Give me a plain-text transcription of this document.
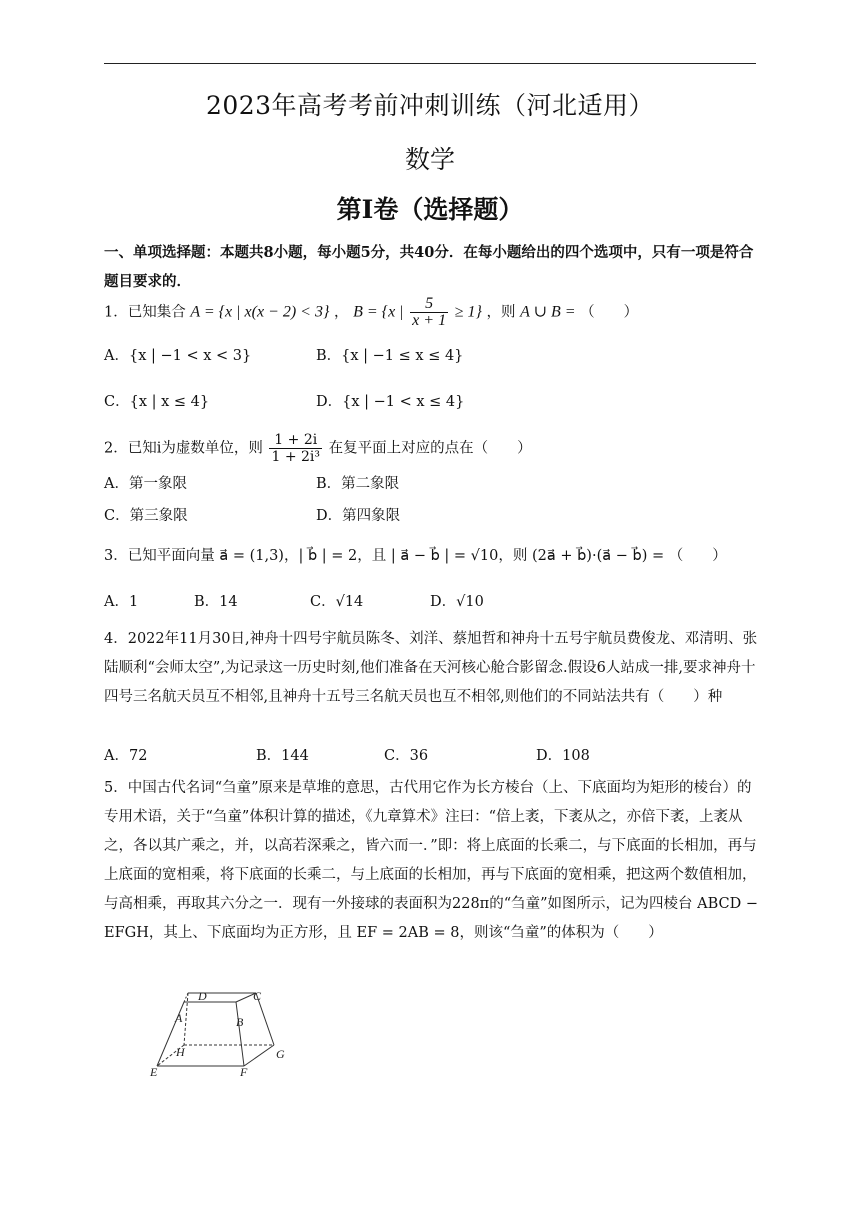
2023年高考考前冲刺训练（河北适用）
数学
第Ⅰ卷（选择题）
一、单项选择题：本题共8小题，每小题5分，共40分．在每小题给出的四个选项中，只有一项是符合题目要求的．
1．已知集合 A = {x | x(x − 2) < 3} ， B = {x | $\frac{5}{x + 1} \ge 1$} ，则 A ∪ B = （　　）
A．{x | −1 < x < 3}	B．{x | −1 ≤ x ≤ 4}
C．{x | x ≤ 4}	D．{x | −1 < x ≤ 4}
2．已知i为虚数单位，则 $\frac{1 + 2i}{\text{1 + 2i³}}$ 在复平面上对应的点在（　　）
A．第一象限	B．第二象限
C．第三象限	D．第四象限
3．已知平面向量 a⃗ = (1,3)，| b⃗ | = 2，且 | a⃗ − b⃗ | = √10，则 (2a⃗ + b⃗)·(a⃗ − b⃗) = （　　）
A．1	B．14	C．√14	D．√10
4．2022年11月30日,神舟十四号宇航员陈冬、刘洋、蔡旭哲和神舟十五号宇航员费俊龙、邓清明、张陆顺利“会师太空”,为记录这一历史时刻,他们准备在天河核心舱合影留念.假设6人站成一排,要求神舟十四号三名航天员互不相邻,且神舟十五号三名航天员也互不相邻,则他们的不同站法共有（　　）种
A．72	B．144	C．36	D．108
5．中国古代名词“刍童”原来是草堆的意思，古代用它作为长方棱台（上、下底面均为矩形的棱台）的专用术语，关于“刍童”体积计算的描述，《九章算术》注曰：“倍上袤，下袤从之，亦倍下袤，上袤从之，各以其广乘之，并，以高若深乘之，皆六而一．”即：将上底面的长乘二，与下底面的长相加，再与上底面的宽相乘，将下底面的长乘二，与上底面的长相加，再与下底面的宽相乘，把这两个数值相加，与高相乘，再取其六分之一．现有一外接球的表面积为228π的“刍童”如图所示，记为四棱台 ABCD − EFGH，其上、下底面均为正方形，且 EF = 2AB = 8，则该“刍童”的体积为（　　）
D	C
A	B
H	G
E	F
